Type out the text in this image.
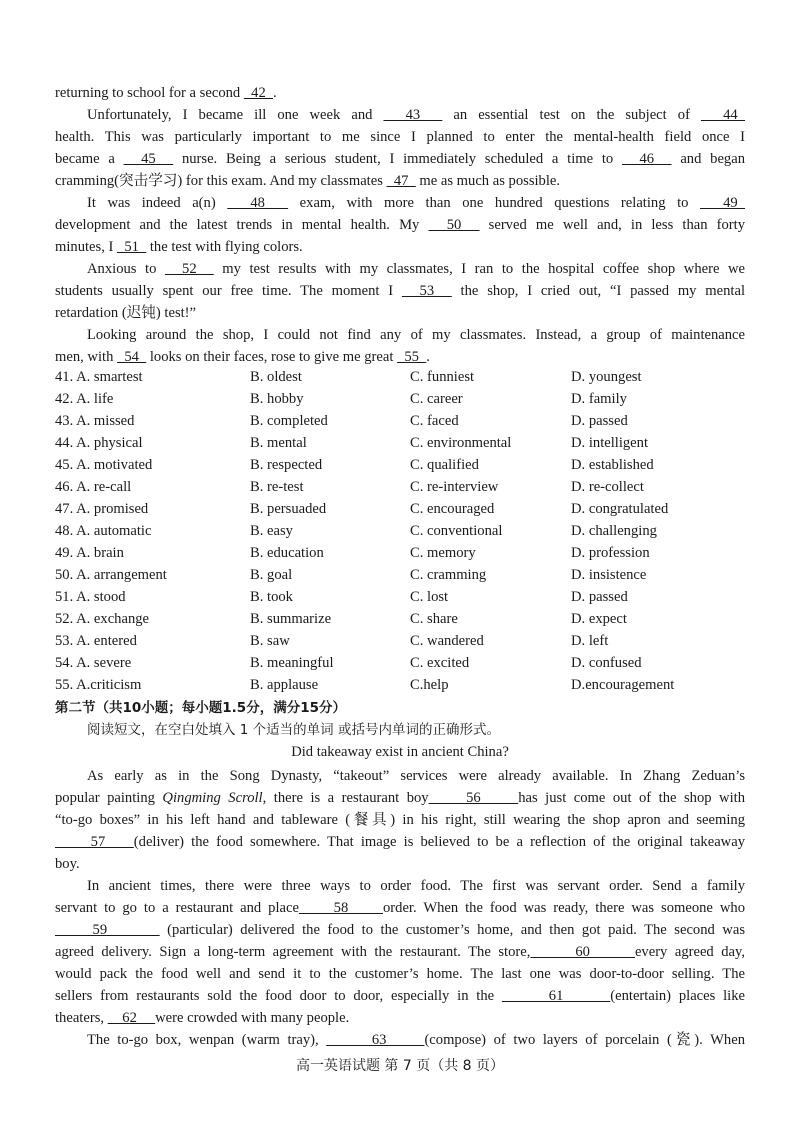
returning to school for a second   42  .
Unfortunately, I became ill one week and   43   an essential test on the subject of   44
health. This was particularly important to me since I planned to enter the mental-health field once I
became a   45   nurse. Being a serious student, I immediately scheduled a time to   46   and began
cramming(突击学习) for this exam. And my classmates   47   me as much as possible.
It was indeed a(n)   48   exam, with more than one hundred questions relating to   49
development and the latest trends in mental health. My   50   served me well and, in less than forty
minutes, I   51   the test with flying colors.
Anxious to   52   my test results with my classmates, I ran to the hospital coffee shop where we
students usually spent our free time. The moment I   53   the shop, I cried out, “I passed my mental
retardation (迟钝) test!”
Looking around the shop, I could not find any of my classmates. Instead, a group of maintenance
men, with   54   looks on their faces, rose to give me great   55  .
41. A. smartest	B. oldest	C. funniest	D. youngest
42. A. life	B. hobby	C. career	D. family
43. A. missed	B. completed	C. faced	D. passed
44. A. physical	B. mental	C. environmental	D. intelligent
45. A. motivated	B. respected	C. qualified	D. established
46. A. re-call	B. re-test	C. re-interview	D. re-collect
47. A. promised	B. persuaded	C. encouraged	D. congratulated
48. A. automatic	B. easy	C. conventional	D. challenging
49. A. brain	B. education	C. memory	D. profession
50. A. arrangement	B. goal	C. cramming	D. insistence
51. A. stood	B. took	C. lost	D. passed
52. A. exchange	B. summarize	C. share	D. expect
53. A. entered	B. saw	C. wandered	D. left
54. A. severe	B. meaningful	C. excited	D. confused
55. A.criticism	B. applause	C.help	D.encouragement
第二节（共10小题；每小题1.5分，满分15分）
阅读短文，在空白处填入 1 个适当的单词 或括号内单词的正确形式。
Did takeaway exist in ancient China?
As early as in the Song Dynasty, “takeout” services were already available. In Zhang Zeduan’s
popular painting Qingming Scroll, there is a restaurant boy     56     has just come out of the shop with
“to-go boxes” in his left hand and tableware (餐具) in his right, still wearing the shop apron and seeming
57    (deliver) the food somewhere. That image is believed to be a reflection of the original takeaway
boy.
In ancient times, there were three ways to order food. The first was servant order. Send a family
servant to go to a restaurant and place     58     order. When the food was ready, there was someone who
59        (particular) delivered the food to the customer’s home, and then got paid. The second was
agreed delivery. Sign a long-term agreement with the restaurant. The store,      60      every agreed day,
would pack the food well and send it to the customer’s home. The last one was door-to-door selling. The
sellers from restaurants sold the food door to door, especially in the       61      (entertain) places like
theaters,     62     were crowded with many people.
The to-go box, wenpan (warm tray),       63     (compose) of two layers of porcelain (瓷). When
高一英语试题 第 7 页（共 8 页）
